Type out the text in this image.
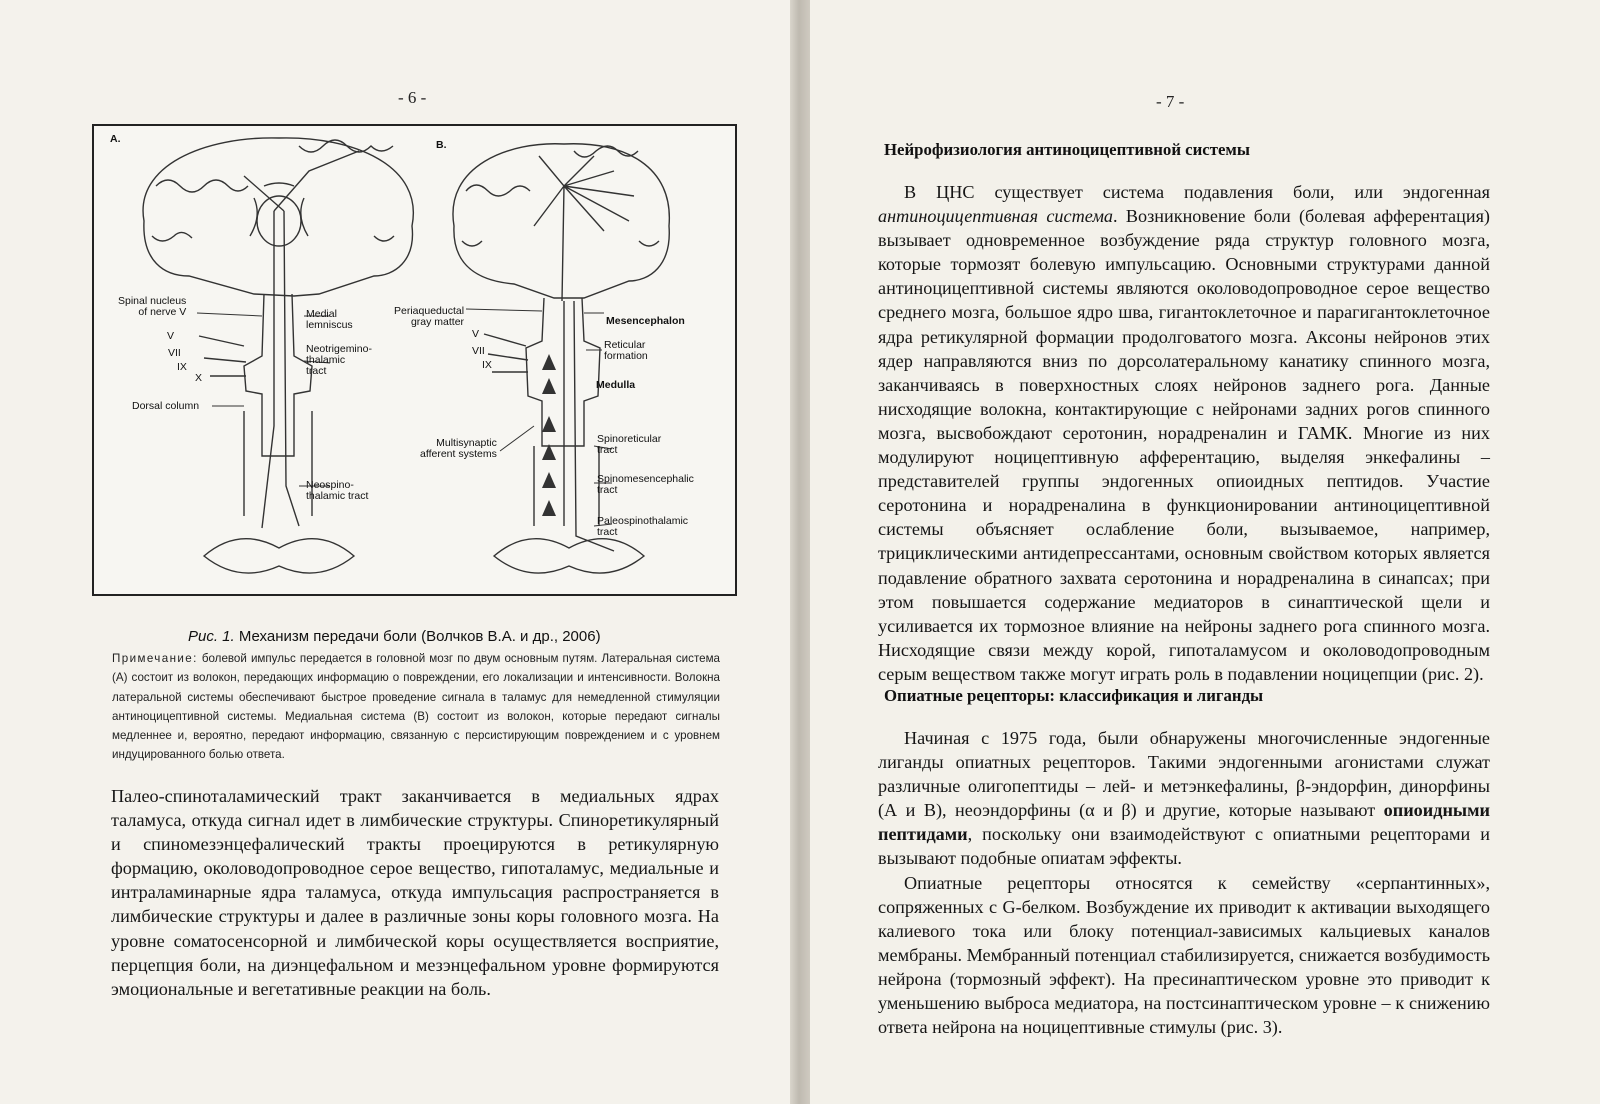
- 6 -
A.	B.
Spinal nucleus
of nerve V	Medial
lemniscus
V
VII
IX
X
Neotrigemino-
thalamic
tract
Dorsal column
Neospino-
thalamic tract
Periaqueductal
gray matter	Mesencephalon
V
VII
IX
Reticular
formation
Medulla
Multisynaptic
afferent systems
Spinoreticular
tract
Spinomesencephalic
tract
Paleospinothalamic
tract
Рис. 1. Механизм передачи боли (Волчков В.А. и др., 2006)
Примечание: болевой импульс передается в головной мозг по двум основным путям. Латеральная система (А) состоит из волокон, передающих информацию о повреждении, его локализации и интенсивности. Волокна латеральной системы обеспечивают быстрое проведение сигнала в таламус для немедленной стимуляции антиноцицептивной системы. Медиальная система (В) состоит из волокон, которые передают сигналы медленнее и, вероятно, передают информацию, связанную с персистирующим повреждением и с уровнем индуцированного болью ответа.

Палео-спиноталамический тракт заканчивается в медиальных ядрах таламуса, откуда сигнал идет в лимбические структуры. Спиноретикулярный и спиномезэнцефалический тракты проецируются в ретикулярную формацию, околоводопроводное серое вещество, гипоталамус, медиальные и интраламинарные ядра таламуса, откуда импульсация распространяется в лимбические структуры и далее в различные зоны коры головного мозга. На уровне соматосенсорной и лимбической коры осуществляется восприятие, перцепция боли, на диэнцефальном и мезэнцефальном уровне формируются эмоциональные и вегетативные реакции на боль.

- 7 -
Нейрофизиология антиноцицептивной системы

В ЦНС существует система подавления боли, или эндогенная антиноцицептивная система. Возникновение боли (болевая афферентация) вызывает одновременное возбуждение ряда структур головного мозга, которые тормозят болевую импульсацию. Основными структурами данной антиноцицептивной системы являются околоводопроводное серое вещество среднего мозга, большое ядро шва, гигантоклеточное и парагигантоклеточное ядра ретикулярной формации продолговатого мозга. Аксоны нейронов этих ядер направляются вниз по дорсолатеральному канатику спинного мозга, заканчиваясь в поверхностных слоях нейронов заднего рога. Данные нисходящие волокна, контактирующие с нейронами задних рогов спинного мозга, высвобождают серотонин, норадреналин и ГАМК. Многие из них модулируют ноцицептивную афферентацию, выделяя энкефалины – представителей группы эндогенных опиоидных пептидов. Участие серотонина и норадреналина в функционировании антиноцицептивной системы объясняет ослабление боли, вызываемое, например, трициклическими антидепрессантами, основным свойством которых является подавление обратного захвата серотонина и норадреналина в синапсах; при этом повышается содержание медиаторов в синаптической щели и усиливается их тормозное влияние на нейроны заднего рога спинного мозга. Нисходящие связи между корой, гипоталамусом и околоводопроводным серым веществом также могут играть роль в подавлении ноцицепции (рис. 2).

Опиатные рецепторы: классификация и лиганды

Начиная с 1975 года, были обнаружены многочисленные эндогенные лиганды опиатных рецепторов. Такими эндогенными агонистами служат различные олигопептиды – лей- и метэнкефалины, β-эндорфин, динорфины (А и В), неоэндорфины (α и β) и другие, которые называют опиоидными пептидами, поскольку они взаимодействуют с опиатными рецепторами и вызывают подобные опиатам эффекты.

Опиатные рецепторы относятся к семейству «серпантинных», сопряженных с G-белком. Возбуждение их приводит к активации выходящего калиевого тока или блоку потенциал-зависимых кальциевых каналов мембраны. Мембранный потенциал стабилизируется, снижается возбудимость нейрона (тормозный эффект). На пресинаптическом уровне это приводит к уменьшению выброса медиатора, на постсинаптическом уровне – к снижению ответа нейрона на ноцицептивные стимулы (рис. 3).
